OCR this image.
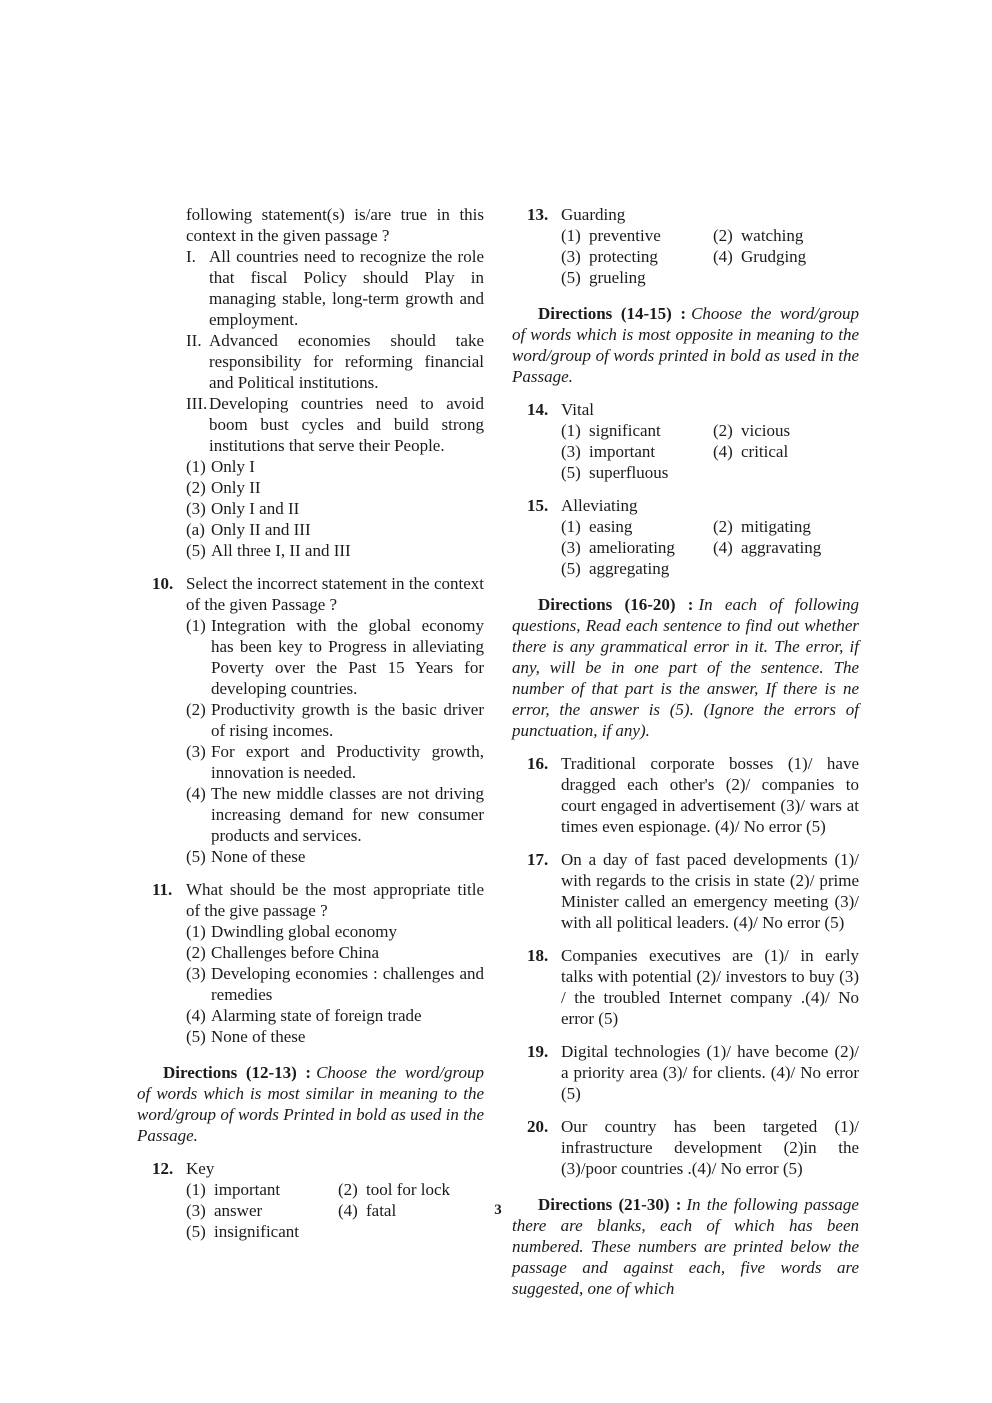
following statement(s) is/are true in this context in the given passage ?
I. All countries need to recognize the role that fiscal Policy should Play in managing stable, long-term growth and employment.
II. Advanced economies should take responsibility for reforming financial and Political institutions.
III. Developing countries need to avoid boom bust cycles and build strong institutions that serve their People.
(1) Only I
(2) Only II
(3) Only I and II
(a) Only II and III
(5) All three I, II and III
10. Select the incorrect statement in the context of the given Passage ?
(1) Integration with the global economy has been key to Progress in alleviating Poverty over the Past 15 Years for developing countries.
(2) Productivity growth is the basic driver of rising incomes.
(3) For export and Productivity growth, innovation is needed.
(4) The new middle classes are not driving increasing demand for new consumer products and services.
(5) None of these
11. What should be the most appropriate title of the give passage ?
(1) Dwindling global economy
(2) Challenges before China
(3) Developing economies : challenges and remedies
(4) Alarming state of foreign trade
(5) None of these

Directions (12-13) : Choose the word/group of words which is most similar in meaning to the word/group of words Printed in bold as used in the Passage.

12. Key
(1) important	(2) tool for lock
(3) answer	(4) fatal
(5) insignificant
13. Guarding
(1) preventive	(2) watching
(3) protecting	(4) Grudging
(5) grueling

Directions (14-15) : Choose the word/group of words which is most opposite in meaning to the word/group of words printed in bold as used in the Passage.

14. Vital
(1) significant	(2) vicious
(3) important	(4) critical
(5) superfluous
15. Alleviating
(1) easing	(2) mitigating
(3) ameliorating	(4) aggravating
(5) aggregating

Directions (16-20) : In each of following questions, Read each sentence to find out whether there is any grammatical error in it. The error, if any, will be in one part of the sentence. The number of that part is the answer, If there is ne error, the answer is (5). (Ignore the errors of punctuation, if any).

16. Traditional corporate bosses (1)/ have dragged each other's (2)/ companies to court engaged in advertisement (3)/ wars at times even espionage. (4)/ No error (5)
17. On a day of fast paced developments (1)/ with regards to the crisis in state (2)/ prime Minister called an emergency meeting (3)/ with all political leaders. (4)/ No error (5)
18. Companies executives are (1)/ in early talks with potential (2)/ investors to buy (3) / the troubled Internet company .(4)/ No error (5)
19. Digital technologies (1)/ have become (2)/ a priority area (3)/ for clients. (4)/ No error (5)
20. Our country has been targeted (1)/ infrastructure development (2)in the (3)/poor countries .(4)/ No error (5)

Directions (21-30) : In the following passage there are blanks, each of which has been numbered. These numbers are printed below the passage and against each, five words are suggested, one of which

3
